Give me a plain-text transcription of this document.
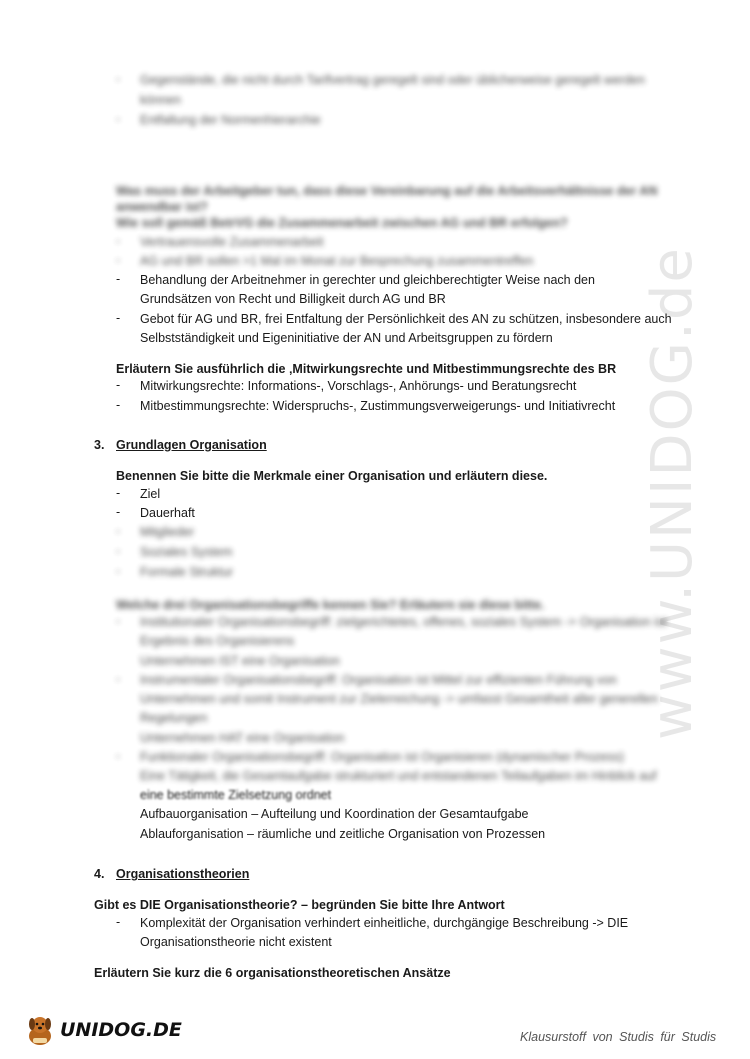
www.UNIDOG.de
- Gegenstände, die nicht durch Tarifvertrag geregelt sind oder üblicherweise geregelt werden
können
- Entfaltung der Normenhierarchie
Was muss der Arbeitgeber tun, dass diese Vereinbarung auf die Arbeitsverhältnisse der AN
anwendbar ist?
Wie soll gemäß BetrVG die Zusammenarbeit zwischen AG und BR erfolgen?
- Vertrauensvolle Zusammenarbeit
- AG und BR sollen >1 Mal im Monat zur Besprechung zusammentreffen
- Behandlung der Arbeitnehmer in gerechter und gleichberechtigter Weise nach den
Grundsätzen von Recht und Billigkeit durch AG und BR
- Gebot für AG und BR, frei Entfaltung der Persönlichkeit des AN zu schützen, insbesondere auch
Selbstständigkeit und Eigeninitiative der AN und Arbeitsgruppen zu fördern
Erläutern Sie ausführlich die ‚Mitwirkungsrechte und Mitbestimmungsrechte des BR
- Mitwirkungsrechte: Informations-, Vorschlags-, Anhörungs- und Beratungsrecht
- Mitbestimmungsrechte: Widerspruchs-, Zustimmungsverweigerungs- und Initiativrecht
3. Grundlagen Organisation
Benennen Sie bitte die Merkmale einer Organisation und erläutern diese.
- Ziel
- Dauerhaft
- Mitglieder
- Soziales System
- Formale Struktur
Welche drei Organisationsbegriffe kennen Sie? Erläutern sie diese bitte.
- Institutionaler Organisationsbegriff: zielgerichtetes, offenes, soziales System -> Organisation ist
Ergebnis des Organisierens
Unternehmen IST eine Organisation
- Instrumentaler Organisationsbegriff: Organisation ist Mittel zur effizienten Führung von
Unternehmen und somit Instrument zur Zielerreichung -> umfasst Gesamtheit aller generellen
Regelungen
Unternehmen HAT eine Organisation
- Funktionaler Organisationsbegriff: Organisation ist Organisieren (dynamischer Prozess)
Eine Tätigkeit, die Gesamtaufgabe strukturiert und entstandenen Teilaufgaben im Hinblick auf
eine bestimmte Zielsetzung ordnet
Aufbauorganisation – Aufteilung und Koordination der Gesamtaufgabe
Ablauforganisation – räumliche und zeitliche Organisation von Prozessen
4. Organisationstheorien
Gibt es DIE Organisationstheorie? – begründen Sie bitte Ihre Antwort
- Komplexität der Organisation verhindert einheitliche, durchgängige Beschreibung -> DIE
Organisationstheorie nicht existent
Erläutern Sie kurz die 6 organisationstheoretischen Ansätze
UNIDOG.DE	Klausurstoff von Studis für Studis
